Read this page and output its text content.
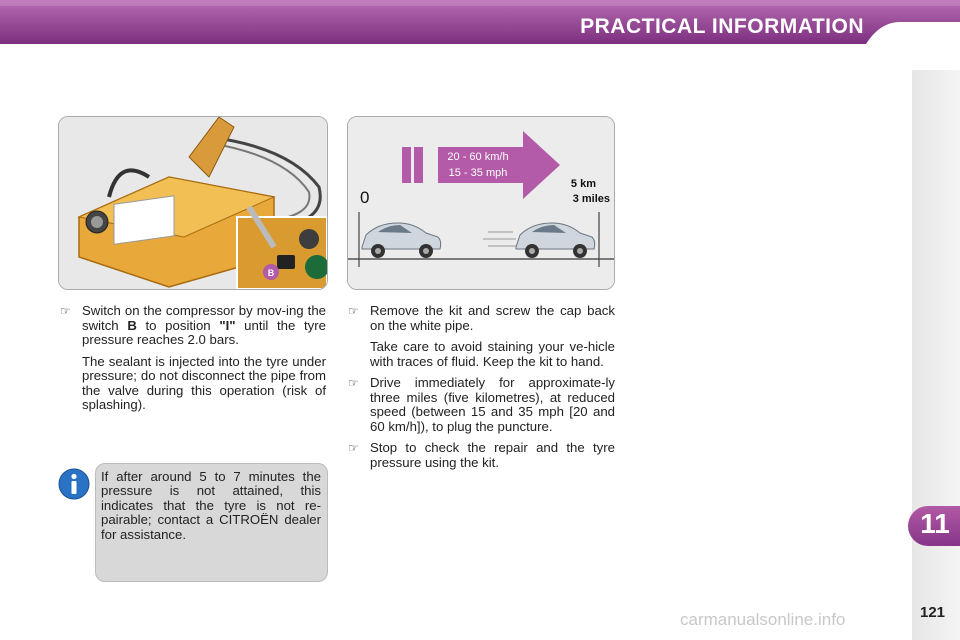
PRACTICAL INFORMATION
11
121
B
20 - 60 km/h
15 - 35 mph
0
5 km
3 miles
☞ Switch on the compressor by mov-ing the switch B to position "I" until the tyre pressure reaches 2.0 bars.

The sealant is injected into the tyre under pressure; do not disconnect the pipe from the valve during this operation (risk of splashing).

☞ Remove the kit and screw the cap back on the white pipe.

Take care to avoid staining your ve-hicle with traces of fluid. Keep the kit to hand.

☞ Drive immediately for approximate-ly three miles (five kilometres), at reduced speed (between 15 and 35 mph [20 and 60 km/h]), to plug the puncture.

☞ Stop to check the repair and the tyre pressure using the kit.

If after around 5 to 7 minutes the pressure is not attained, this indicates that the tyre is not re-pairable; contact a CITROËN dealer for assistance.
carmanualsonline.info
